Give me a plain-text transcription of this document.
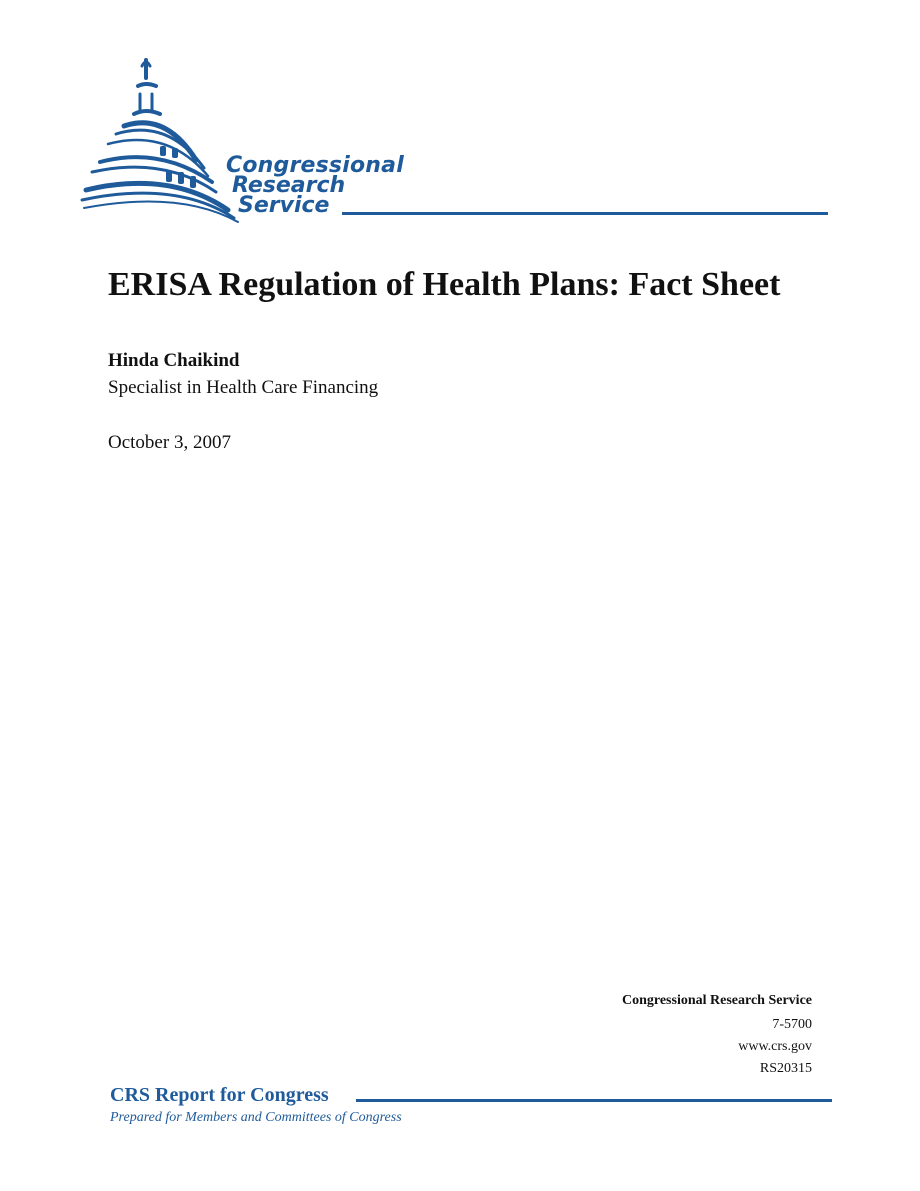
Congressional
Research
Service
ERISA Regulation of Health Plans: Fact Sheet
Hinda Chaikind
Specialist in Health Care Financing
October 3, 2007
Congressional Research Service
7-5700
www.crs.gov
RS20315
CRS Report for Congress
Prepared for Members and Committees of Congress
